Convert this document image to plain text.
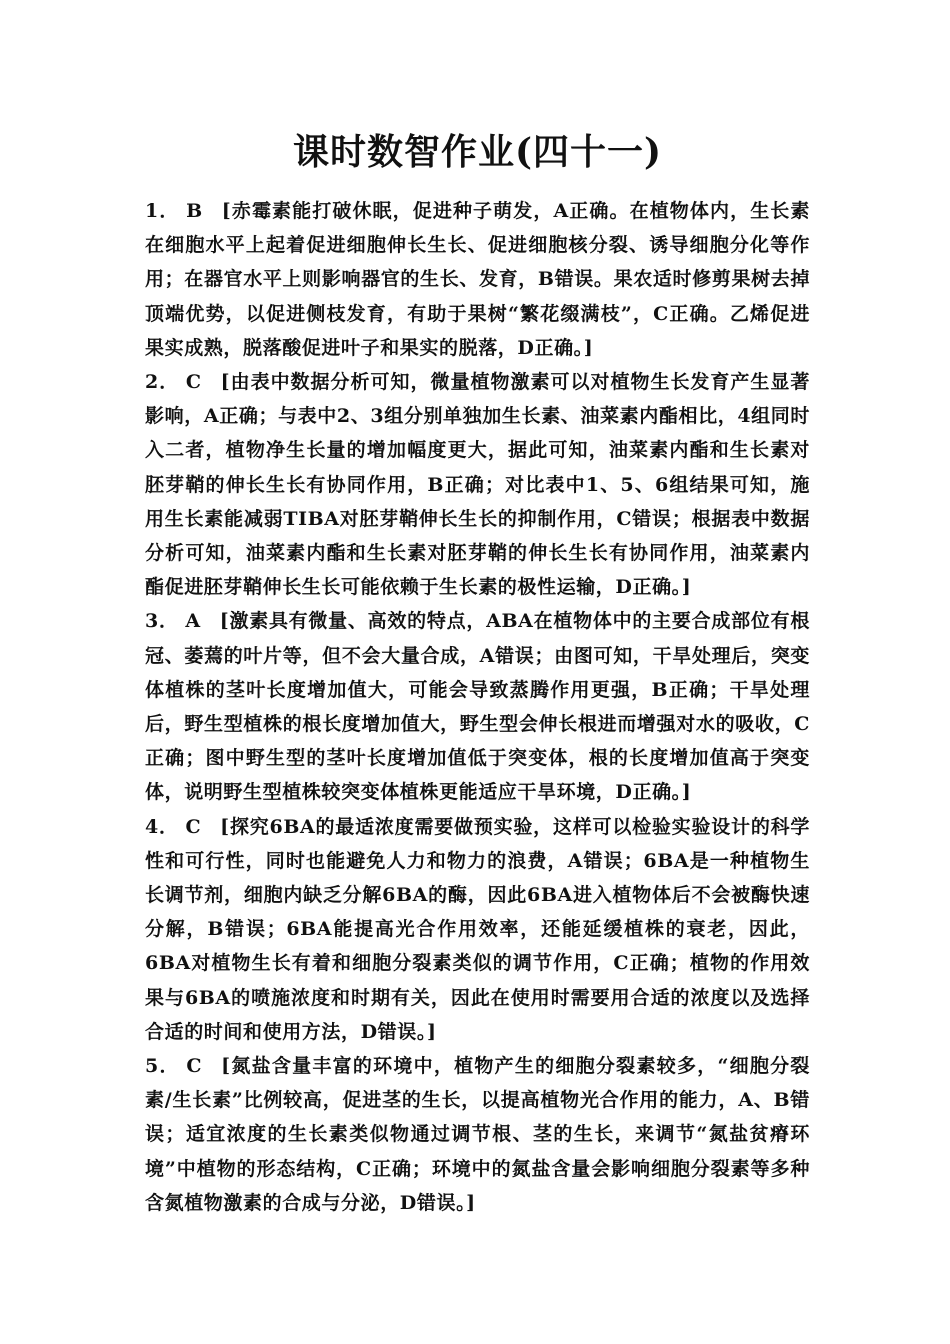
课时数智作业(四十一)

1． B [赤霉素能打破休眠，促进种子萌发，A正确。在植物体内，生长素在细胞水平上起着促进细胞伸长生长、促进细胞核分裂、诱导细胞分化等作用；在器官水平上则影响器官的生长、发育，B错误。果农适时修剪果树去掉顶端优势，以促进侧枝发育，有助于果树“繁花缀满枝”，C正确。乙烯促进果实成熟，脱落酸促进叶子和果实的脱落，D正确。]

2． C [由表中数据分析可知，微量植物激素可以对植物生长发育产生显著影响，A正确；与表中2、3组分别单独加生长素、油菜素内酯相比，4组同时入二者，植物净生长量的增加幅度更大，据此可知，油菜素内酯和生长素对胚芽鞘的伸长生长有协同作用，B正确；对比表中1、5、6组结果可知，施用生长素能减弱TIBA对胚芽鞘伸长生长的抑制作用，C错误；根据表中数据分析可知，油菜素内酯和生长素对胚芽鞘的伸长生长有协同作用，油菜素内酯促进胚芽鞘伸长生长可能依赖于生长素的极性运输，D正确。]

3． A [激素具有微量、高效的特点，ABA在植物体中的主要合成部位有根冠、萎蔫的叶片等，但不会大量合成，A错误；由图可知，干旱处理后，突变体植株的茎叶长度增加值大，可能会导致蒸腾作用更强，B正确；干旱处理后，野生型植株的根长度增加值大，野生型会伸长根进而增强对水的吸收，C正确；图中野生型的茎叶长度增加值低于突变体，根的长度增加值高于突变体，说明野生型植株较突变体植株更能适应干旱环境，D正确。]

4． C [探究6BA的最适浓度需要做预实验，这样可以检验实验设计的科学性和可行性，同时也能避免人力和物力的浪费，A错误；6BA是一种植物生长调节剂，细胞内缺乏分解6BA的酶，因此6BA进入植物体后不会被酶快速分解，B错误；6BA能提高光合作用效率，还能延缓植株的衰老，因此，6BA对植物生长有着和细胞分裂素类似的调节作用，C正确；植物的作用效果与6BA的喷施浓度和时期有关，因此在使用时需要用合适的浓度以及选择合适的时间和使用方法，D错误。]

5． C [氮盐含量丰富的环境中，植物产生的细胞分裂素较多，“细胞分裂素/生长素”比例较高，促进茎的生长，以提高植物光合作用的能力，A、B错误；适宜浓度的生长素类似物通过调节根、茎的生长，来调节“氮盐贫瘠环境”中植物的形态结构，C正确；环境中的氮盐含量会影响细胞分裂素等多种含氮植物激素的合成与分泌，D错误。]
